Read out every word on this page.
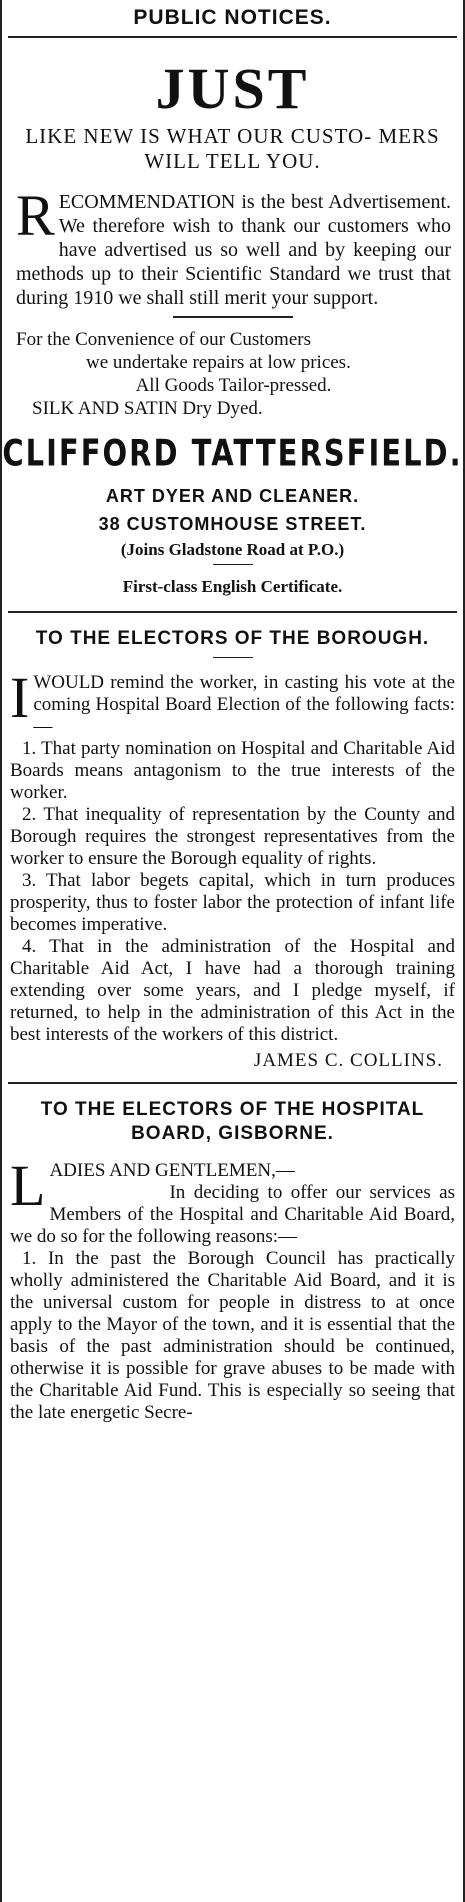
PUBLIC NOTICES.
JUST
LIKE NEW IS WHAT OUR CUSTO- MERS WILL TELL YOU.
R ECOMMENDATION is the best Advertisement. We therefore wish to thank our customers who have advertised us so well and by keeping our methods up to their Scientific Standard we trust that during 1910 we shall still merit your support.
For the Convenience of our Customers
we undertake repairs at low prices.
All Goods Tailor-pressed.
SILK AND SATIN Dry Dyed.
CLIFFORD TATTERSFIELD.
ART DYER AND CLEANER.
38 CUSTOMHOUSE STREET.
(Joins Gladstone Road at P.O.)
First-class English Certificate.
TO THE ELECTORS OF THE BOROUGH.
I WOULD remind the worker, in casting his vote at the coming Hospital Board Election of the following facts:—
1. That party nomination on Hospital and Charitable Aid Boards means antagonism to the true interests of the worker.
2. That inequality of representation by the County and Borough requires the strongest representatives from the worker to ensure the Borough equality of rights.
3. That labor begets capital, which in turn produces prosperity, thus to foster labor the protection of infant life becomes imperative.
4. That in the administration of the Hospital and Charitable Aid Act, I have had a thorough training extending over some years, and I pledge myself, if returned, to help in the administration of this Act in the best interests of the workers of this district.
JAMES C. COLLINS.
TO THE ELECTORS OF THE HOSPITAL BOARD, GISBORNE.
L ADIES AND GENTLEMEN,—
In deciding to offer our services as Members of the Hospital and Charitable Aid Board, we do so for the following reasons:—
1. In the past the Borough Council has practically wholly administered the Charitable Aid Board, and it is the universal custom for people in distress to at once apply to the Mayor of the town, and it is essential that the basis of the past administration should be continued, otherwise it is possible for grave abuses to be made with the Charitable Aid Fund. This is especially so seeing that the late energetic Secre-
